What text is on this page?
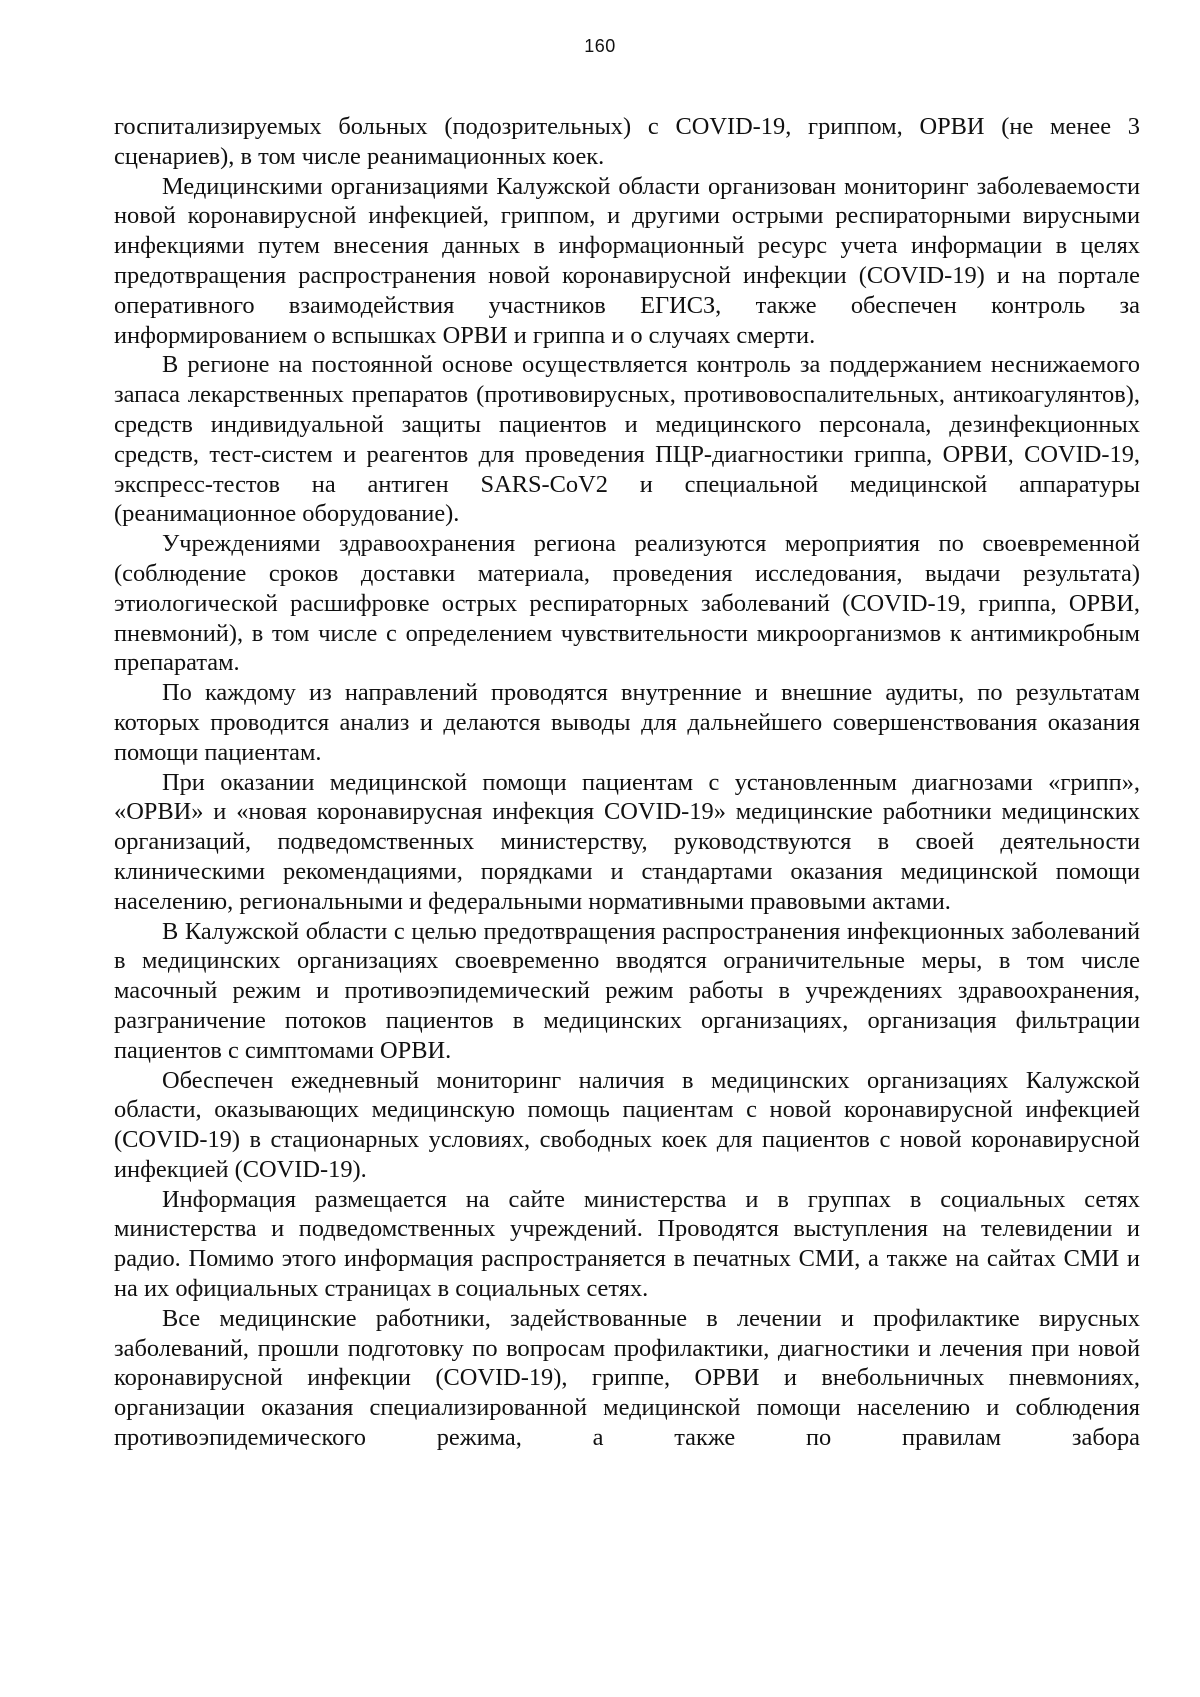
160

госпитализируемых больных (подозрительных) с COVID-19, гриппом, ОРВИ (не менее 3 сценариев), в том числе реанимационных коек.

Медицинскими организациями Калужской области организован мониторинг заболеваемости новой коронавирусной инфекцией, гриппом, и другими острыми респираторными вирусными инфекциями путем внесения данных в информационный ресурс учета информации в целях предотвращения распространения новой коронавирусной инфекции (COVID-19) и на портале оперативного взаимодействия участников ЕГИСЗ, также обеспечен контроль за информированием о вспышках ОРВИ и гриппа и о случаях смерти.

В регионе на постоянной основе осуществляется контроль за поддержанием неснижаемого запаса лекарственных препаратов (противовирусных, противовоспалительных, антикоагулянтов), средств индивидуальной защиты пациентов и медицинского персонала, дезинфекционных средств, тест-систем и реагентов для проведения ПЦР-диагностики гриппа, ОРВИ, COVID-19, экспресс-тестов на антиген SARS-CoV2 и специальной медицинской аппаратуры (реанимационное оборудование).

Учреждениями здравоохранения региона реализуются мероприятия по своевременной (соблюдение сроков доставки материала, проведения исследования, выдачи результата) этиологической расшифровке острых респираторных заболеваний (COVID-19, гриппа, ОРВИ, пневмоний), в том числе с определением чувствительности микроорганизмов к антимикробным препаратам.

По каждому из направлений проводятся внутренние и внешние аудиты, по результатам которых проводится анализ и делаются выводы для дальнейшего совершенствования оказания помощи пациентам.

При оказании медицинской помощи пациентам с установленным диагнозами «грипп», «ОРВИ» и «новая коронавирусная инфекция COVID-19» медицинские работники медицинских организаций, подведомственных министерству, руководствуются в своей деятельности клиническими рекомендациями, порядками и стандартами оказания медицинской помощи населению, региональными и федеральными нормативными правовыми актами.

В Калужской области с целью предотвращения распространения инфекционных заболеваний в медицинских организациях своевременно вводятся ограничительные меры, в том числе масочный режим и противоэпидемический режим работы в учреждениях здравоохранения, разграничение потоков пациентов в медицинских организациях, организация фильтрации пациентов с симптомами ОРВИ.

Обеспечен ежедневный мониторинг наличия в медицинских организациях Калужской области, оказывающих медицинскую помощь пациентам с новой коронавирусной инфекцией (COVID-19) в стационарных условиях, свободных коек для пациентов с новой коронавирусной инфекцией (COVID-19).

Информация размещается на сайте министерства и в группах в социальных сетях министерства и подведомственных учреждений. Проводятся выступления на телевидении и радио. Помимо этого информация распространяется в печатных СМИ, а также на сайтах СМИ и на их официальных страницах в социальных сетях.

Все медицинские работники, задействованные в лечении и профилактике вирусных заболеваний, прошли подготовку по вопросам профилактики, диагностики и лечения при новой коронавирусной инфекции (COVID-19), гриппе, ОРВИ и внебольничных пневмониях, организации оказания специализированной медицинской помощи населению и соблюдения противоэпидемического режима, а также по правилам забора
